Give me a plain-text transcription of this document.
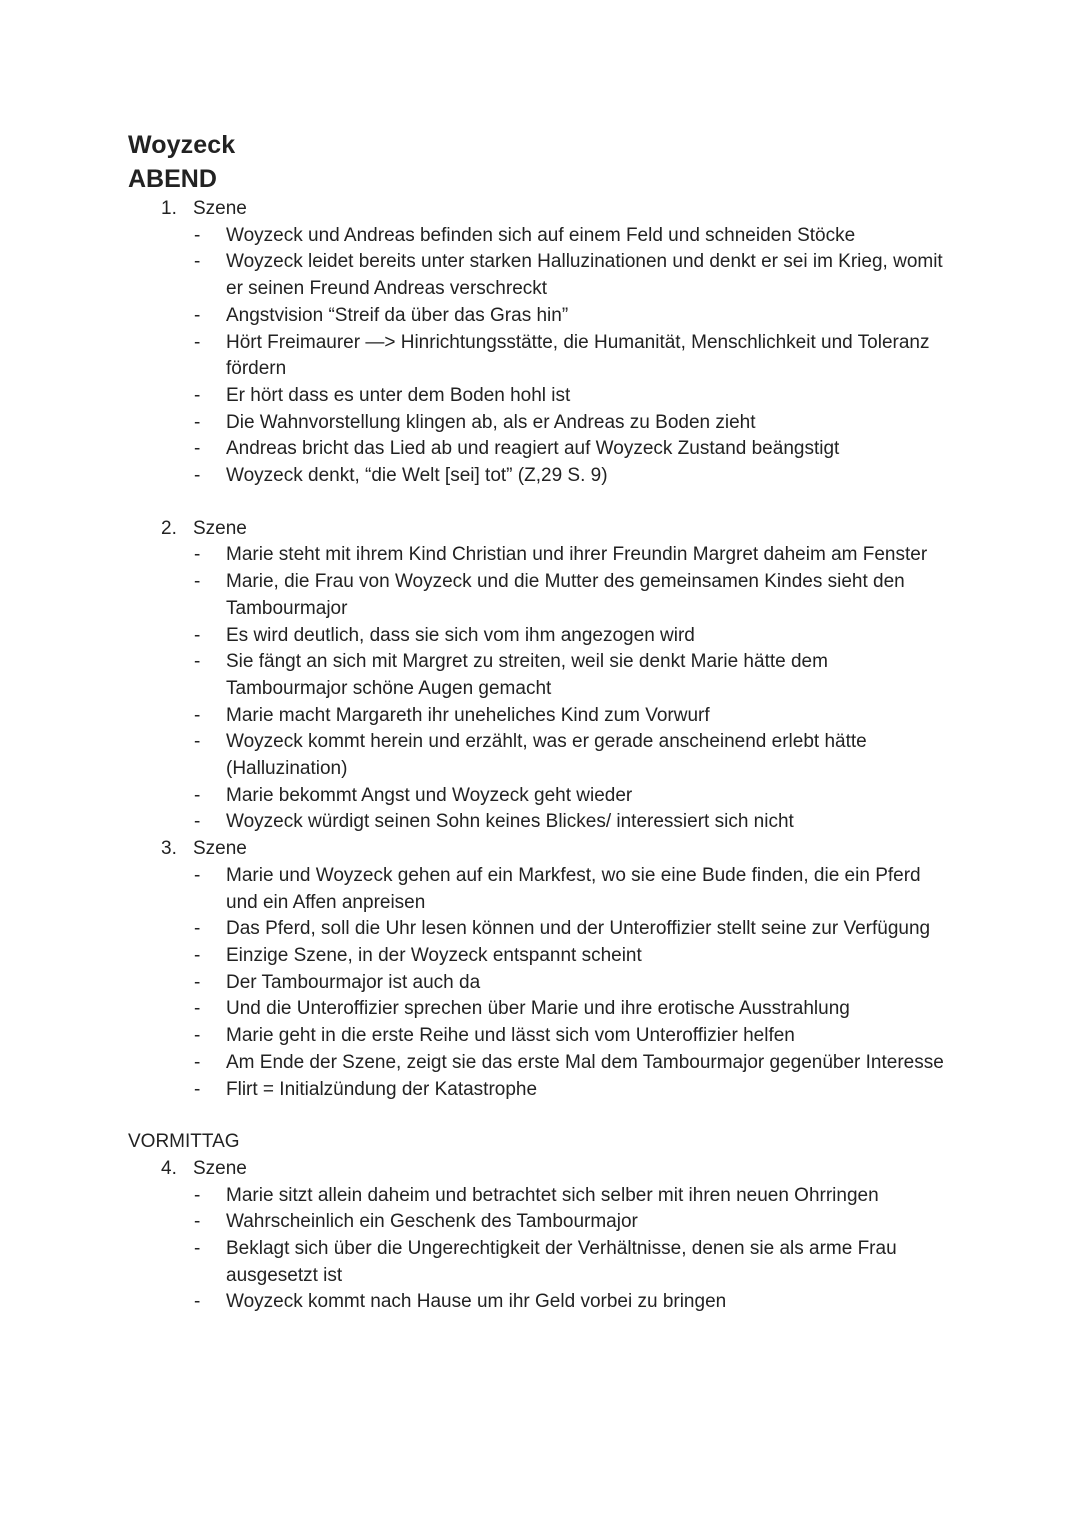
Woyzeck
ABEND
1. Szene
- Woyzeck und Andreas befinden sich auf einem Feld und schneiden Stöcke
- Woyzeck leidet bereits unter starken Halluzinationen und denkt er sei im Krieg, womit er seinen Freund Andreas verschreckt
- Angstvision “Streif da über das Gras hin”
- Hört Freimaurer —> Hinrichtungsstätte, die Humanität, Menschlichkeit und Toleranz fördern
- Er hört dass es unter dem Boden hohl ist
- Die Wahnvorstellung klingen ab, als er Andreas zu Boden zieht
- Andreas bricht das Lied ab und reagiert auf Woyzeck Zustand beängstigt
- Woyzeck denkt, “die Welt [sei] tot” (Z,29 S. 9)
2. Szene
- Marie steht mit ihrem Kind Christian und ihrer Freundin Margret daheim am Fenster
- Marie, die Frau von Woyzeck und die Mutter des gemeinsamen Kindes sieht den Tambourmajor
- Es wird deutlich, dass sie sich vom ihm angezogen wird
- Sie fängt an sich mit Margret zu streiten, weil sie denkt Marie hätte dem Tambourmajor schöne Augen gemacht
- Marie macht Margareth ihr uneheliches Kind zum Vorwurf
- Woyzeck kommt herein und erzählt, was er gerade anscheinend erlebt hätte (Halluzination)
- Marie bekommt Angst und Woyzeck geht wieder
- Woyzeck würdigt seinen Sohn keines Blickes/ interessiert sich nicht
3. Szene
- Marie und Woyzeck gehen auf ein Markfest, wo sie eine Bude finden, die ein Pferd und ein Affen anpreisen
- Das Pferd, soll die Uhr lesen können und der Unteroffizier stellt seine zur Verfügung
- Einzige Szene, in der Woyzeck entspannt scheint
- Der Tambourmajor ist auch da
- Und die Unteroffizier sprechen über Marie und ihre erotische Ausstrahlung
- Marie geht in die erste Reihe und lässt sich vom Unteroffizier helfen
- Am Ende der Szene, zeigt sie das erste Mal dem Tambourmajor gegenüber Interesse
- Flirt = Initialzündung der Katastrophe
VORMITTAG
4. Szene
- Marie sitzt allein daheim und betrachtet sich selber mit ihren neuen Ohrringen
- Wahrscheinlich ein Geschenk des Tambourmajor
- Beklagt sich über die Ungerechtigkeit der Verhältnisse, denen sie als arme Frau ausgesetzt ist
- Woyzeck kommt nach Hause um ihr Geld vorbei zu bringen
